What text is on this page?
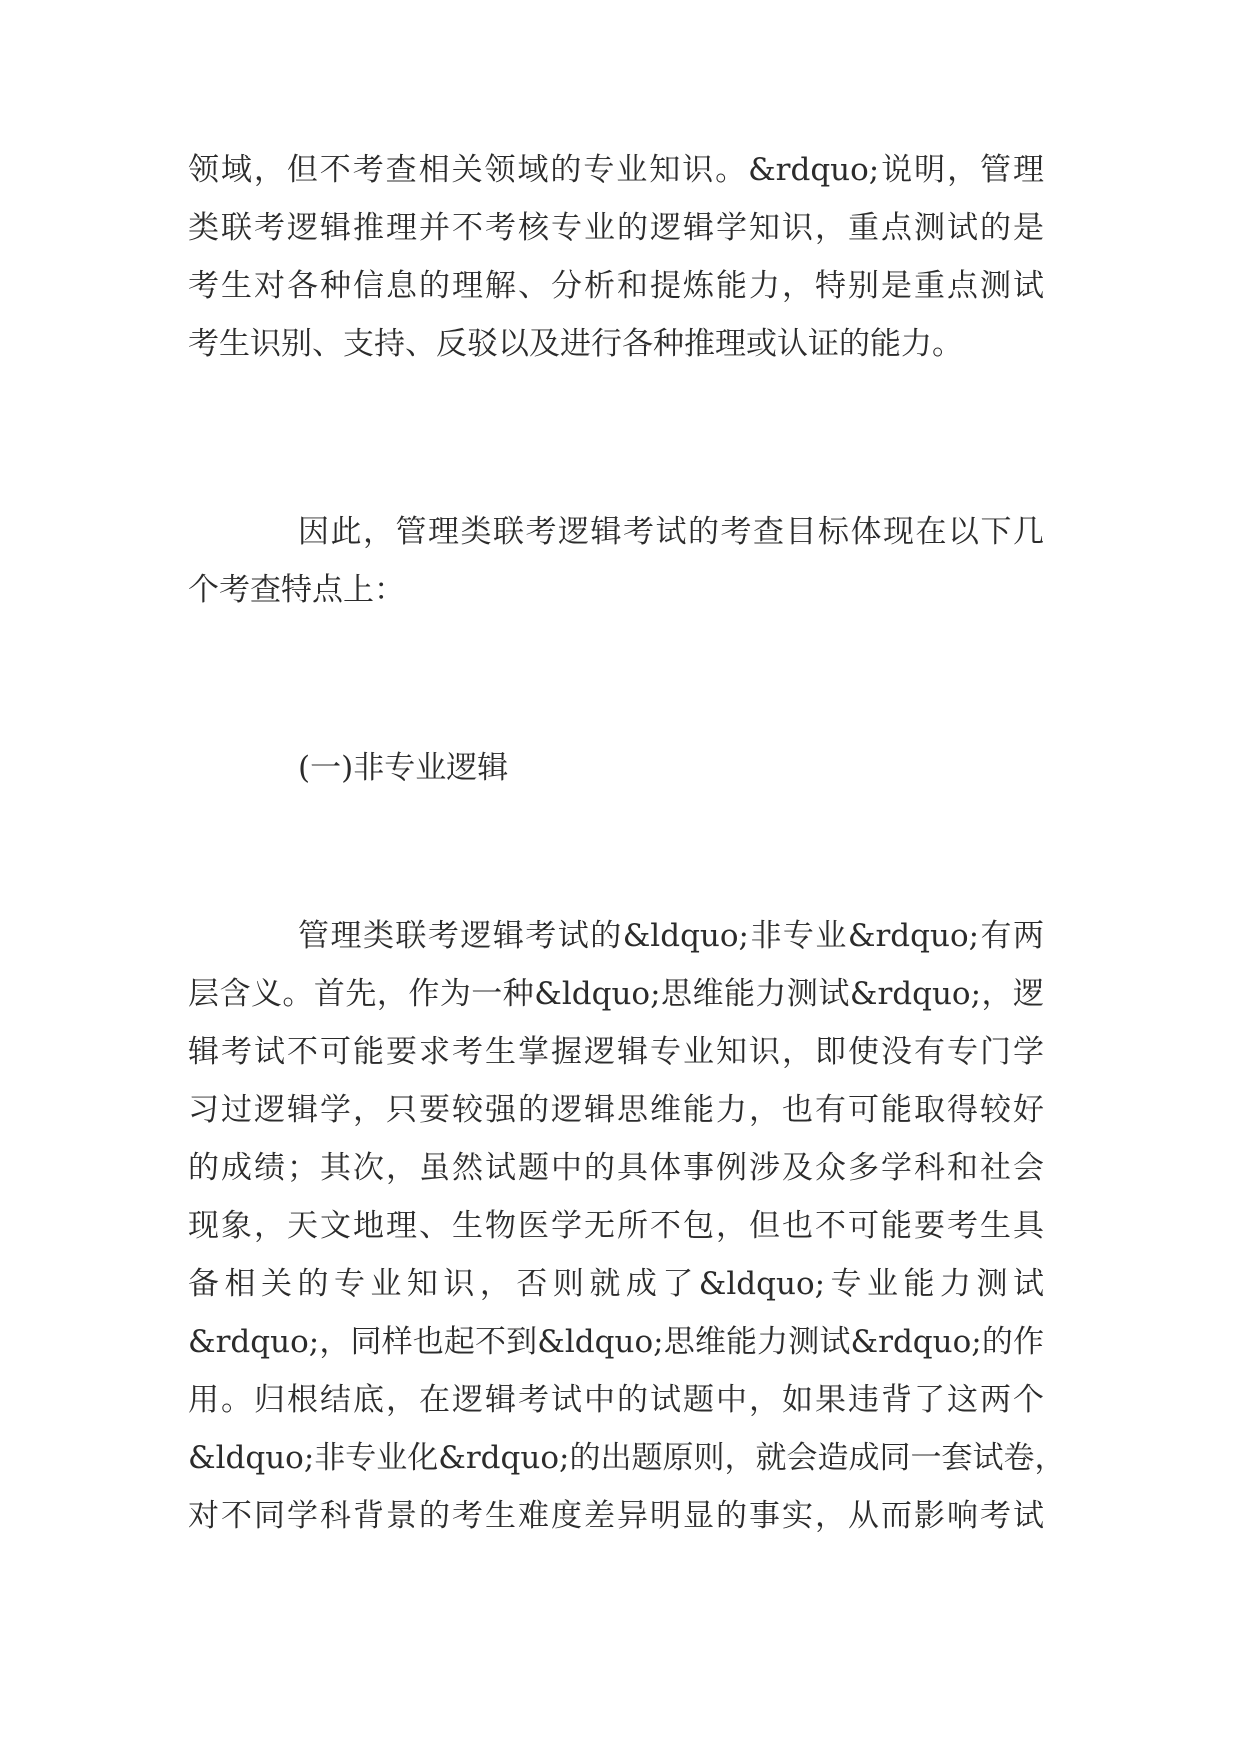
领域，但不考查相关领域的专业知识。&rdquo;说明，管理

类联考逻辑推理并不考核专业的逻辑学知识，重点测试的是

考生对各种信息的理解、分析和提炼能力，特别是重点测试

考生识别、支持、反驳以及进行各种推理或认证的能力。

因此，管理类联考逻辑考试的考查目标体现在以下几

个考查特点上：

(一)非专业逻辑

管理类联考逻辑考试的&ldquo;非专业&rdquo;有两

层含义。首先，作为一种&ldquo;思维能力测试&rdquo;，逻

辑考试不可能要求考生掌握逻辑专业知识，即使没有专门学

习过逻辑学，只要较强的逻辑思维能力，也有可能取得较好

的成绩；其次，虽然试题中的具体事例涉及众多学科和社会

现象，天文地理、生物医学无所不包，但也不可能要考生具

备相关的专业知识，否则就成了&ldquo;专业能力测试

&rdquo;，同样也起不到&ldquo;思维能力测试&rdquo;的作

用。归根结底，在逻辑考试中的试题中，如果违背了这两个

&ldquo;非专业化&rdquo;的出题原则，就会造成同一套试卷，

对不同学科背景的考生难度差异明显的事实，从而影响考试
